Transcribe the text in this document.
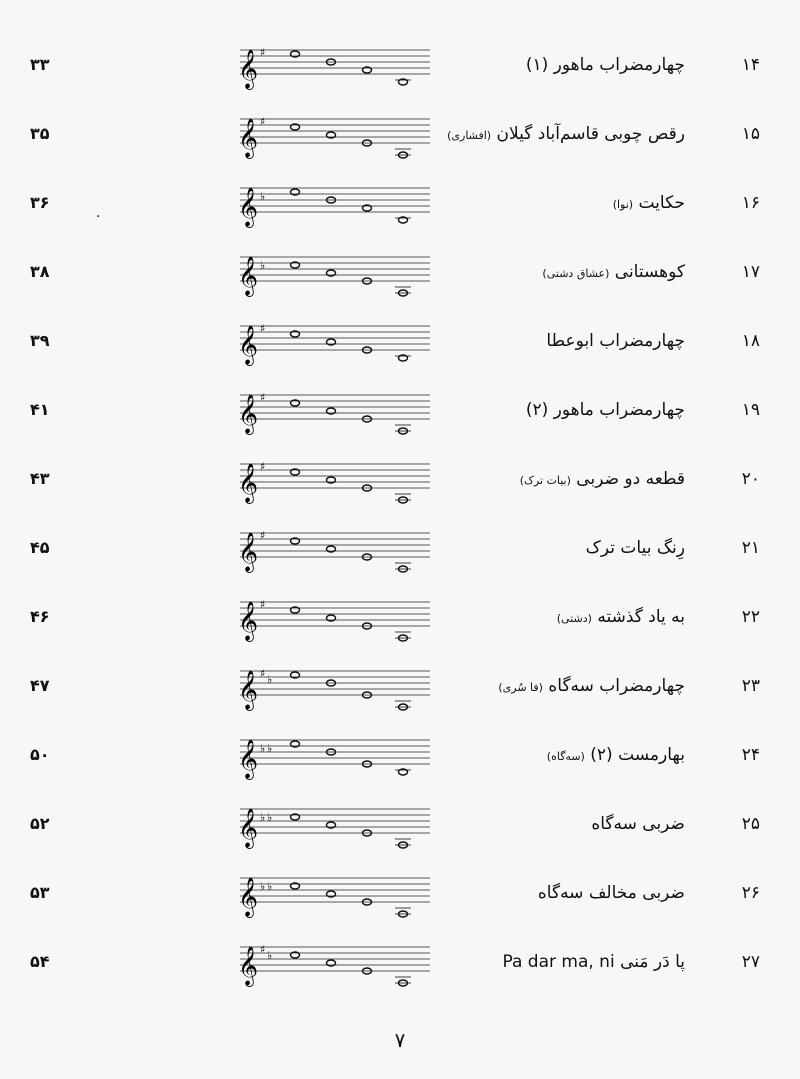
۱۴
چهارمضراب ماهور (۱)
𝄞 ♯
۳۳
۱۵
رقص چوبی قاسم‌آباد گیلان (افشاری)
𝄞 ♯
۳۵
۱۶
حکایت (نوا)
𝄞 ♭
۳۶
۱۷
کوهستانی (عشاق دشتی)
𝄞 ♭
۳۸
۱۸
چهارمضراب ابوعطا
𝄞 ♯
۳۹
۱۹
چهارمضراب ماهور (۲)
𝄞 ♯
۴۱
۲۰
قطعه دو ضربی (بیات ترک)
𝄞 ♯
۴۳
۲۱
رِنگ بیات ترک
𝄞 ♯
۴۵
۲۲
به یاد گذشته (دشتی)
𝄞 ♯
۴۶
۲۳
چهارمضراب سه‌گاه (فا سُری)
𝄞 ♯ ♭
۴۷
۲۴
بهارمست (۲) (سه‌گاه)
𝄞 ♭ ♭
۵۰
۲۵
ضربی سه‌گاه
𝄞 ♭ ♭
۵۲
۲۶
ضربی مخالف سه‌گاه
𝄞 ♭ ♭
۵۳
۲۷
پا دَر مَنی Pa dar ma, ni
𝄞 ♯ ♭
۵۴
.
۷
